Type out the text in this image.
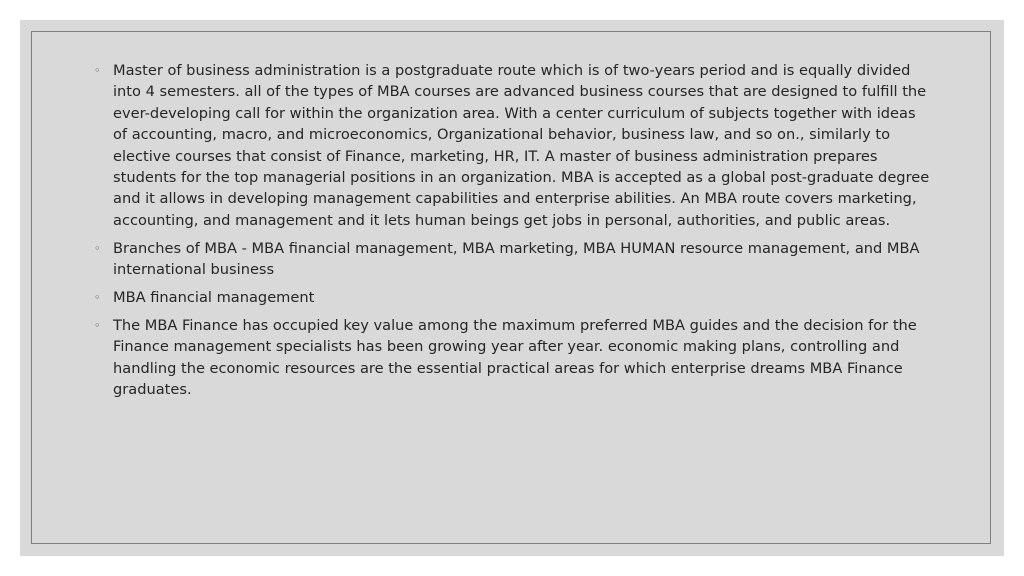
◦ Master of business administration is a postgraduate route which is of two-years period and is equally divided into 4 semesters. all of the types of MBA courses are advanced business courses that are designed to fulfill the ever-developing call for within the organization area. With a center curriculum of subjects together with ideas of accounting, macro, and microeconomics, Organizational behavior, business law, and so on., similarly to elective courses that consist of Finance, marketing, HR, IT. A master of business administration prepares students for the top managerial positions in an organization. MBA is accepted as a global post-graduate degree and it allows in developing management capabilities and enterprise abilities. An MBA route covers marketing, accounting, and management and it lets human beings get jobs in personal, authorities, and public areas.
◦ Branches of MBA - MBA financial management, MBA marketing, MBA HUMAN resource management, and MBA international business
◦ MBA financial management
◦ The MBA Finance has occupied key value among the maximum preferred MBA guides and the decision for the Finance management specialists has been growing year after year. economic making plans, controlling and handling the economic resources are the essential practical areas for which enterprise dreams MBA Finance graduates.
